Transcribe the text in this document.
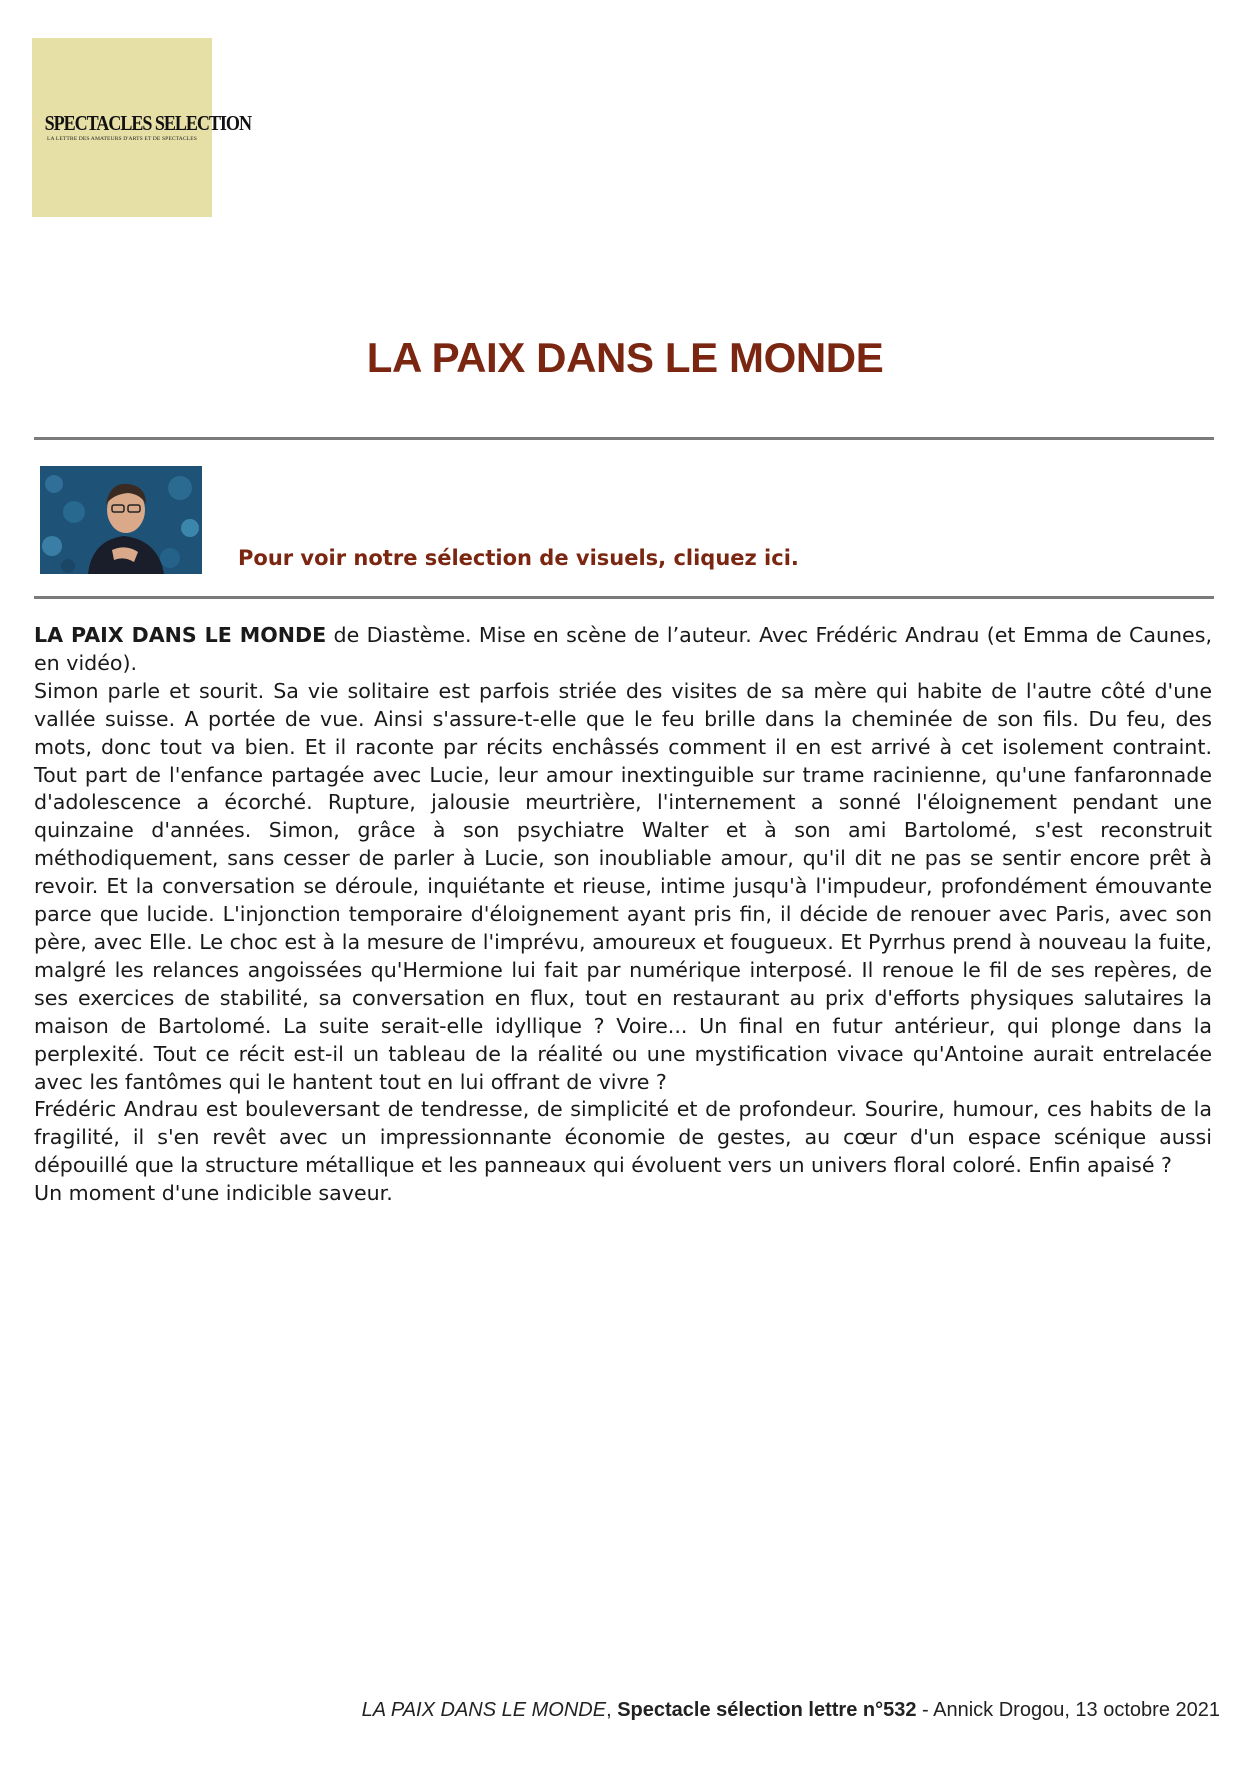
SPECTACLES SELECTION
LA LETTRE DES AMATEURS D'ARTS ET DE SPECTACLES
LA PAIX DANS LE MONDE
Pour voir notre sélection de visuels, cliquez ici.

LA PAIX DANS LE MONDE de Diastème. Mise en scène de l’auteur. Avec Frédéric Andrau (et Emma de Caunes, en vidéo).

Simon parle et sourit. Sa vie solitaire est parfois striée des visites de sa mère qui habite de l'autre côté d'une vallée suisse. A portée de vue. Ainsi s'assure-t-elle que le feu brille dans la cheminée de son fils. Du feu, des mots, donc tout va bien. Et il raconte par récits enchâssés comment il en est arrivé à cet isolement contraint. Tout part de l'enfance partagée avec Lucie, leur amour inextinguible sur trame racinienne, qu'une fanfaronnade d'adolescence a écorché. Rupture, jalousie meurtrière, l'internement a sonné l'éloignement pendant une quinzaine d'années. Simon, grâce à son psychiatre Walter et à son ami Bartolomé, s'est reconstruit méthodiquement, sans cesser de parler à Lucie, son inoubliable amour, qu'il dit ne pas se sentir encore prêt à revoir. Et la conversation se déroule, inquiétante et rieuse, intime jusqu'à l'impudeur, profondément émouvante parce que lucide. L'injonction temporaire d'éloignement ayant pris fin, il décide de renouer avec Paris, avec son père, avec Elle. Le choc est à la mesure de l'imprévu, amoureux et fougueux. Et Pyrrhus prend à nouveau la fuite, malgré les relances angoissées qu'Hermione lui fait par numérique interposé. Il renoue le fil de ses repères, de ses exercices de stabilité, sa conversation en flux, tout en restaurant au prix d'efforts physiques salutaires la maison de Bartolomé. La suite serait-elle idyllique ? Voire... Un final en futur antérieur, qui plonge dans la perplexité. Tout ce récit est-il un tableau de la réalité ou une mystification vivace qu'Antoine aurait entrelacée avec les fantômes qui le hantent tout en lui offrant de vivre ?

Frédéric Andrau est bouleversant de tendresse, de simplicité et de profondeur. Sourire, humour, ces habits de la fragilité, il s'en revêt avec un impressionnante économie de gestes, au cœur d'un espace scénique aussi dépouillé que la structure métallique et les panneaux qui évoluent vers un univers floral coloré. Enfin apaisé ?

Un moment d'une indicible saveur.

LA PAIX DANS LE MONDE, Spectacle sélection lettre n°532 - Annick Drogou, 13 octobre 2021
